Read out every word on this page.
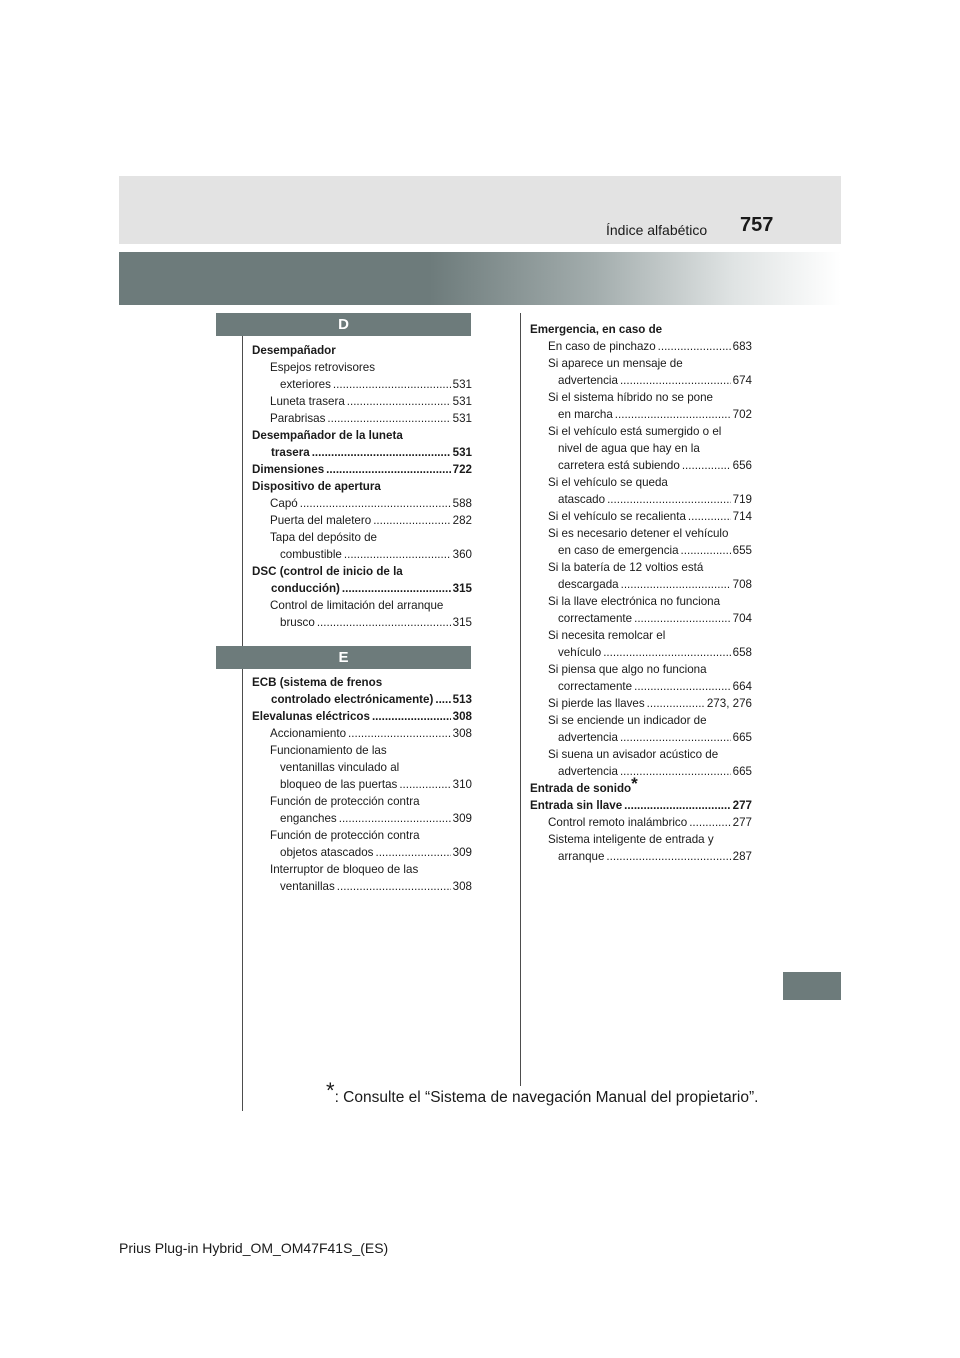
Índice alfabético 757
D
E
Desempañador
Espejos retrovisores
exteriores .....	531
Luneta trasera .....	531
Parabrisas .....	531
Desempañador de la luneta
trasera .....	531
Dimensiones .....	722
Dispositivo de apertura
Capó .....	588
Puerta del maletero .....	282
Tapa del depósito de
combustible .....	360
DSC (control de inicio de la
conducción) .....	315
Control de limitación del arranque
brusco .....	315
ECB (sistema de frenos
controlado electrónicamente) ..... 513
Elevalunas eléctricos .....	308
Accionamiento .....	308
Funcionamiento de las
ventanillas vinculado al
bloqueo de las puertas .....	310
Función de protección contra
enganches .....	309
Función de protección contra
objetos atascados .....	309
Interruptor de bloqueo de las
ventanillas .....	308
Emergencia, en caso de
En caso de pinchazo .....	683
Si aparece un mensaje de
advertencia .....	674
Si el sistema híbrido no se pone
en marcha .....	702
Si el vehículo está sumergido o el
nivel de agua que hay en la
carretera está subiendo .....	656
Si el vehículo se queda
atascado .....	719
Si el vehículo se recalienta .....	714
Si es necesario detener el vehículo
en caso de emergencia .....	655
Si la batería de 12 voltios está
descargada .....	708
Si la llave electrónica no funciona
correctamente .....	704
Si necesita remolcar el
vehículo .....	658
Si piensa que algo no funciona
correctamente .....	664
Si pierde las llaves .....	273, 276
Si se enciende un indicador de
advertencia .....	665
Si suena un avisador acústico de
advertencia .....	665
Entrada de sonido*
Entrada sin llave .....	277
Control remoto inalámbrico .....	277
Sistema inteligente de entrada y
arranque .....	287
*: Consulte el “Sistema de navegación Manual del propietario”.
Prius Plug-in Hybrid_OM_OM47F41S_(ES)
